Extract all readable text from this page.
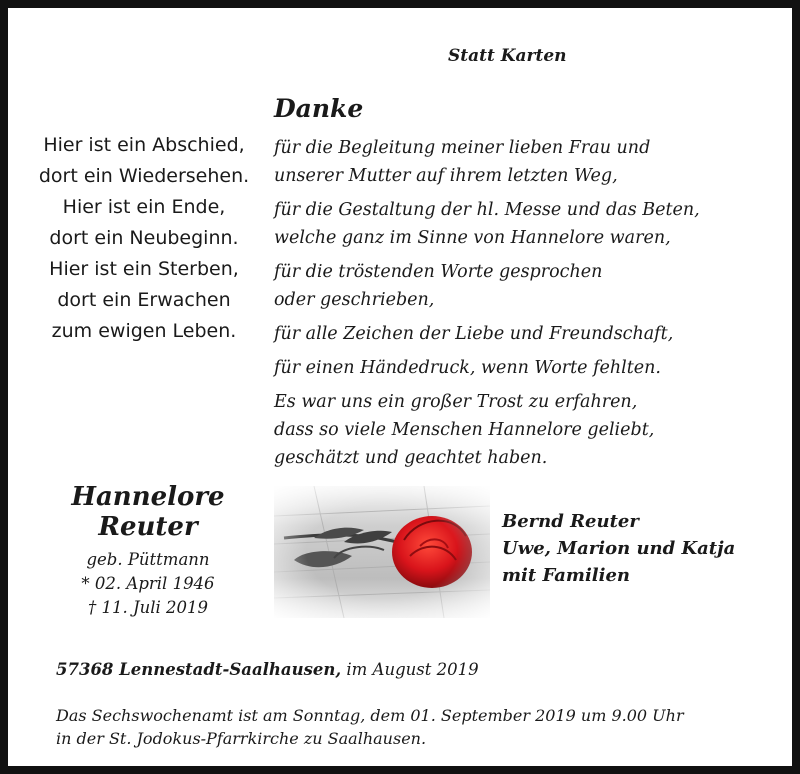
Statt Karten
Danke
Hier ist ein Abschied,
dort ein Wiedersehen.
Hier ist ein Ende,
dort ein Neubeginn.
Hier ist ein Sterben,
dort ein Erwachen
zum ewigen Leben.
für die Begleitung meiner lieben Frau und
unserer Mutter auf ihrem letzten Weg,
für die Gestaltung der hl. Messe und das Beten,
welche ganz im Sinne von Hannelore waren,
für die tröstenden Worte gesprochen
oder geschrieben,
für alle Zeichen der Liebe und Freundschaft,
für einen Händedruck, wenn Worte fehlten.
Es war uns ein großer Trost zu erfahren,
dass so viele Menschen Hannelore geliebt,
geschätzt und geachtet haben.
Hannelore
Reuter
geb. Püttmann
* 02. April 1946
† 11. Juli 2019
Bernd Reuter
Uwe, Marion und Katja
mit Familien
57368 Lennestadt-Saalhausen, im August 2019
Das Sechswochenamt ist am Sonntag, dem 01. September 2019 um 9.00 Uhr
in der St. Jodokus-Pfarrkirche zu Saalhausen.
